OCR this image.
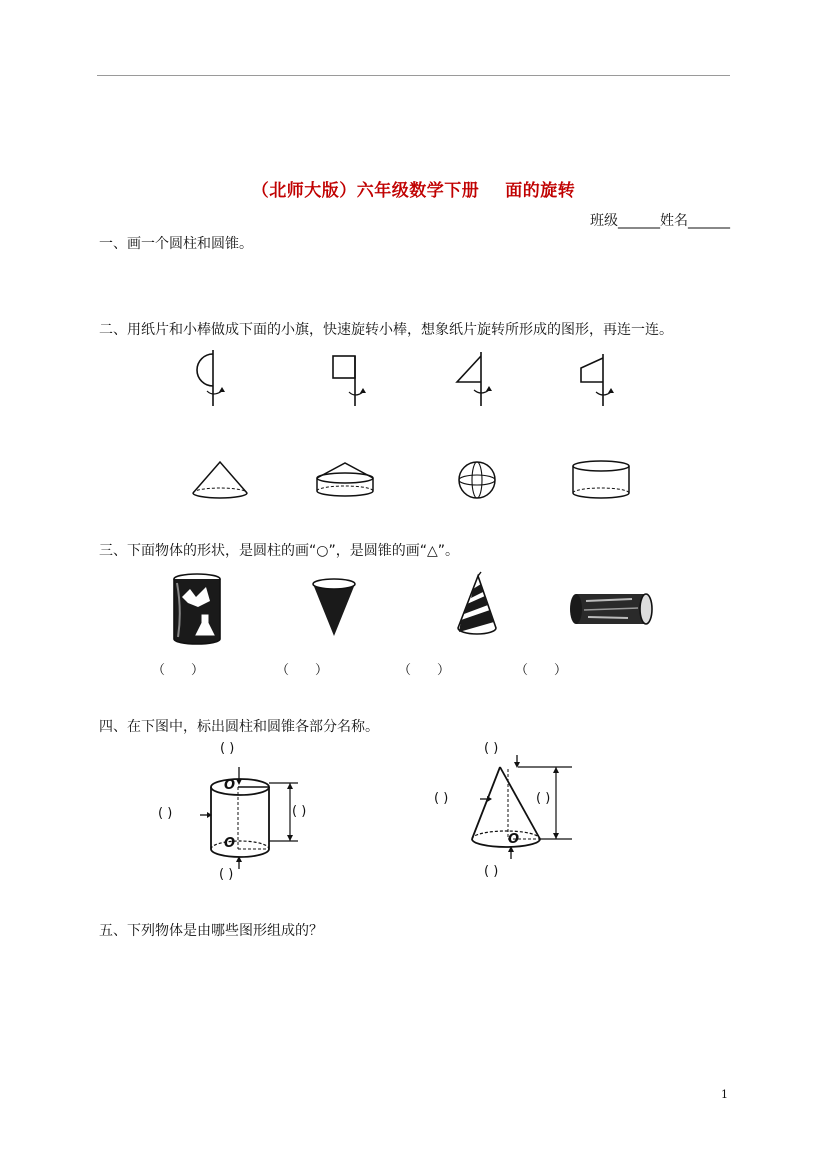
（北师大版）六年级数学下册 面的旋转
班级______姓名______
一、画一个圆柱和圆锥。
二、用纸片和小棒做成下面的小旗，快速旋转小棒，想象纸片旋转所形成的图形，再连一连。
三、下面物体的形状，是圆柱的画“○”，是圆锥的画“△”。
（　　）	（　　）	（　　）	（　　）
四、在下图中，标出圆柱和圆锥各部分名称。
( )
( )	( )
( )
O
O
( )
( )	( )
( )
O
五、下列物体是由哪些图形组成的？
1
